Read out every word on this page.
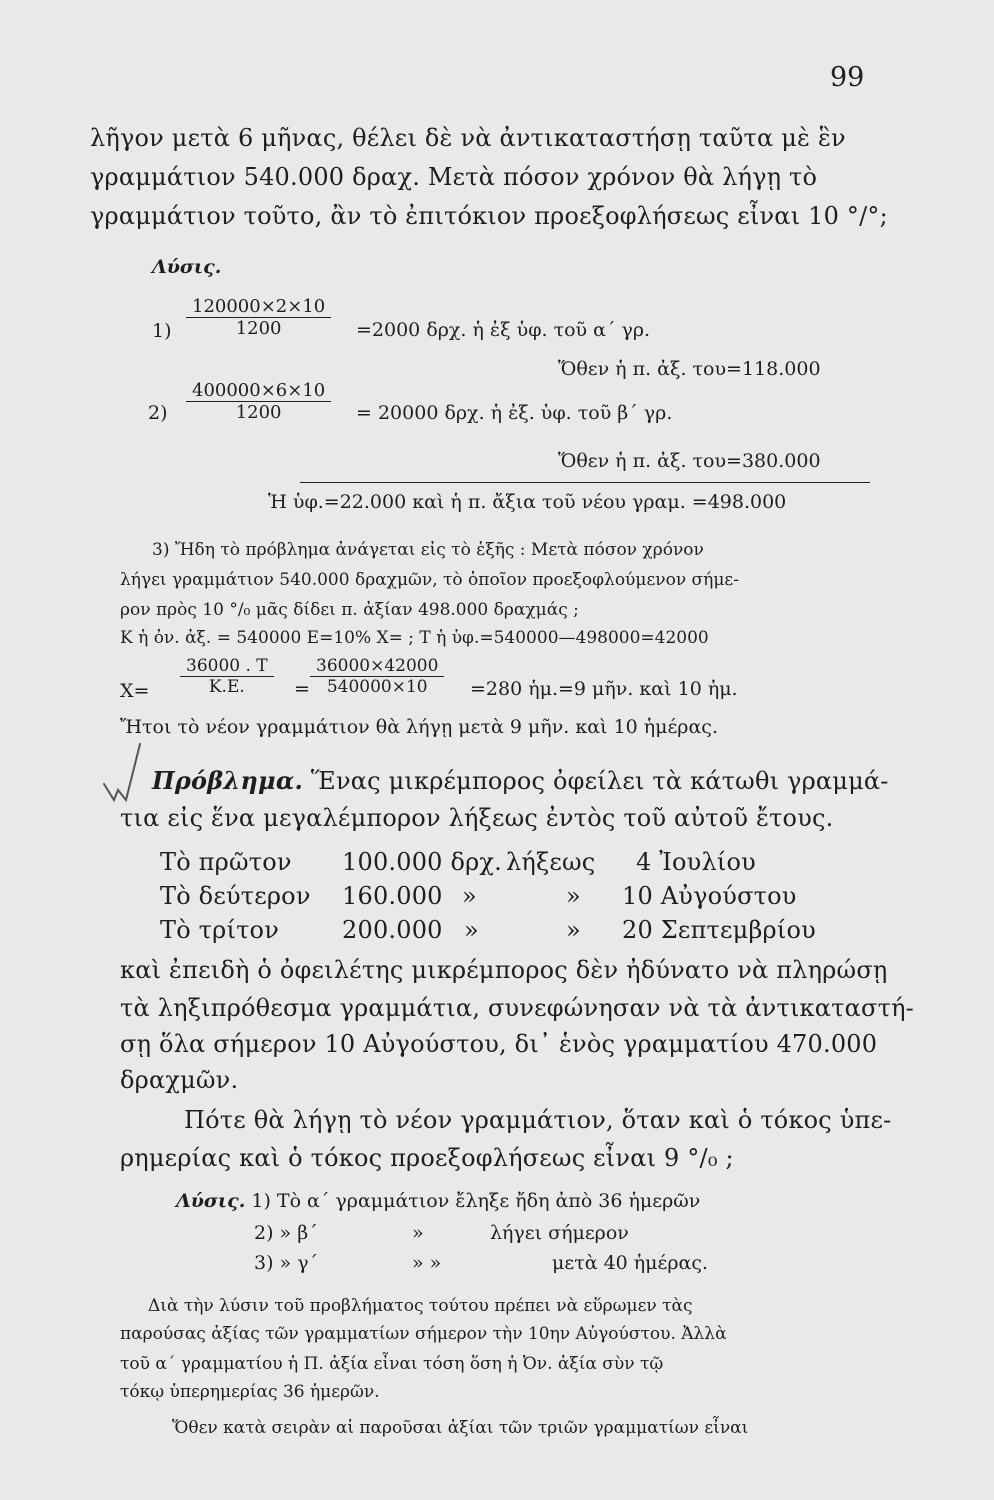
99
λῆγον μετὰ 6 μῆνας, θέλει δὲ νὰ ἀντικαταστήσῃ ταῦτα μὲ ἓν
γραμμάτιον 540.000 δραχ. Μετὰ πόσον χρόνον θὰ λήγῃ τὸ
γραμμάτιον τοῦτο, ἂν τὸ ἐπιτόκιον προεξοφλήσεως εἶναι 10 °/°;
Λύσις.
$1) \frac{120000\times 2\times 10}{1200} =2000$ δρχ. ἡ ἐξ ὑφ. τοῦ α΄ γρ.
Ὅθεν ἡ π. ἀξ. του=118.000
$2) \frac{400000\times 6\times 10}{1200} = 20000$ δρχ. ἡ ἐξ. ὑφ. τοῦ β΄ γρ.
Ὅθεν ἡ π. ἀξ. του=380.000
Ἡ ὑφ.=22.000 καὶ ἡ π. ἄξια τοῦ νέου γραμ. =498.000
3) Ἤδη τὸ πρόβλημα ἀνάγεται εἰς τὸ ἑξῆς : Μετὰ πόσον χρόνον
λήγει γραμμάτιον 540.000 δραχμῶν, τὸ ὁποῖον προεξοφλούμενον σήμε-
ρον πρὸς 10 °/₀ μᾶς δίδει π. ἀξίαν 498.000 δραχμάς ;
Κ ἡ ὀν. ἀξ. = 540000 Ε=10% Χ= ; Τ ἡ ὑφ.=540000—498000=42000
$X= \frac{36000 . T}{K.E.} = \frac{36000\times 42000}{540000\times 10} =280$ ἡμ.=9 μῆν. καὶ 10 ἡμ.
Ἤτοι τὸ νέον γραμμάτιον θὰ λήγῃ μετὰ 9 μῆν. καὶ 10 ἡμέρας.
Πρόβλημα. Ἕνας μικρέμπορος ὀφείλει τὰ κάτωθι γραμμά-
τια εἰς ἕνα μεγαλέμπορον λήξεως ἐντὸς τοῦ αὐτοῦ ἔτους.
Τὸ πρῶτον 100.000 δρχ. λήξεως 4 Ἰουλίου
Τὸ δεύτερον 160.000 »	» 10 Αὐγούστου
Τὸ τρίτον	200.000 »	» 20 Σεπτεμβρίου
καὶ ἐπειδὴ ὁ ὀφειλέτης μικρέμπορος δὲν ἠδύνατο νὰ πληρώσῃ
τὰ ληξιπρόθεσμα γραμμάτια, συνεφώνησαν νὰ τὰ ἀντικαταστή-
σῃ ὅλα σήμερον 10 Αὐγούστου, δι᾿ ἑνὸς γραμματίου 470.000
δραχμῶν.
Πότε θὰ λήγῃ τὸ νέον γραμμάτιον, ὅταν καὶ ὁ τόκος ὑπε-
ρημερίας καὶ ὁ τόκος προεξοφλήσεως εἶναι 9 °/₀ ;
Λύσις. 1) Τὸ α΄ γραμμάτιον ἔληξε ἤδη ἀπὸ 36 ἡμερῶν
2) » β΄	»	λήγει σήμερον
3) » γ΄	» »	μετὰ 40 ἡμέρας.
Διὰ τὴν λύσιν τοῦ προβλήματος τούτου πρέπει νὰ εὕρωμεν τὰς
παρούσας ἀξίας τῶν γραμματίων σήμερον τὴν 10ην Αὐγούστου. Ἀλλὰ
τοῦ α΄ γραμματίου ἡ Π. ἀξία εἶναι τόση ὅση ἡ Ὀν. ἀξία σὺν τῷ
τόκῳ ὑπερημερίας 36 ἡμερῶν.
Ὅθεν κατὰ σειρὰν αἱ παροῦσαι ἀξίαι τῶν τριῶν γραμματίων εἶναι
